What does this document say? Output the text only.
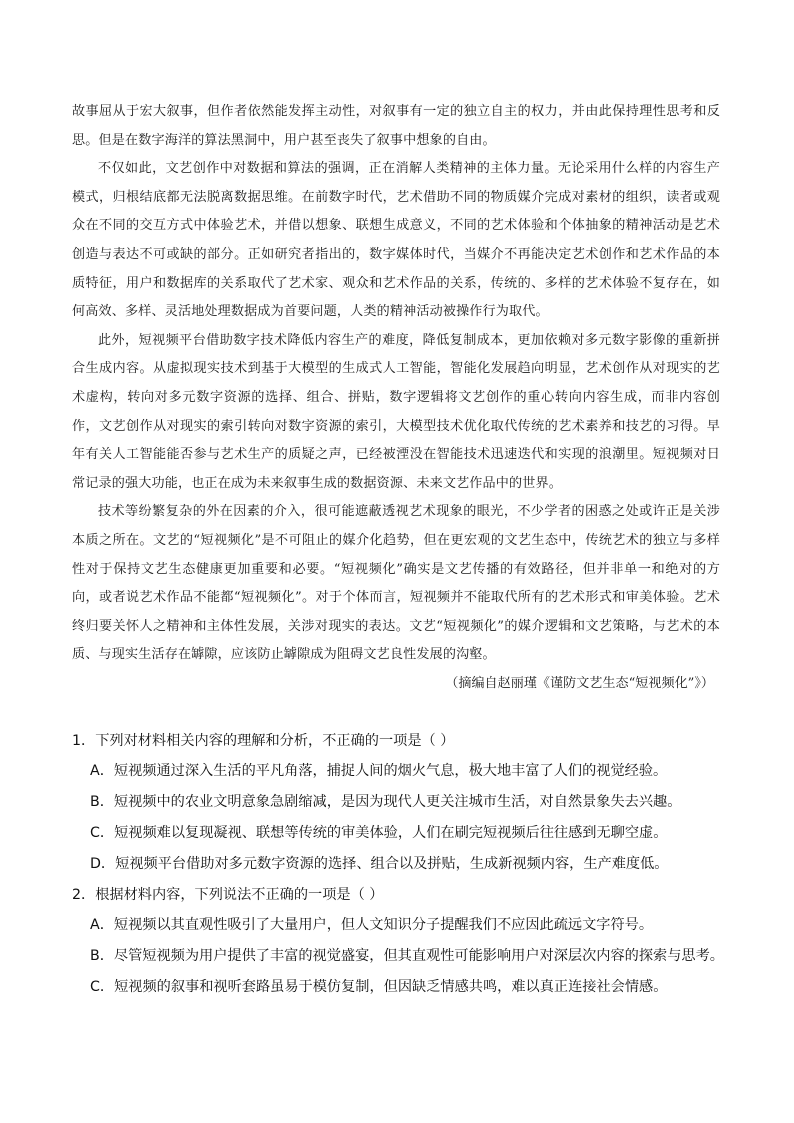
故事屈从于宏大叙事，但作者依然能发挥主动性，对叙事有一定的独立自主的权力，并由此保持理性思考和反思。但是在数字海洋的算法黑洞中，用户甚至丧失了叙事中想象的自由。

不仅如此，文艺创作中对数据和算法的强调，正在消解人类精神的主体力量。无论采用什么样的内容生产模式，归根结底都无法脱离数据思维。在前数字时代，艺术借助不同的物质媒介完成对素材的组织，读者或观众在不同的交互方式中体验艺术，并借以想象、联想生成意义，不同的艺术体验和个体抽象的精神活动是艺术创造与表达不可或缺的部分。正如研究者指出的，数字媒体时代，当媒介不再能决定艺术创作和艺术作品的本质特征，用户和数据库的关系取代了艺术家、观众和艺术作品的关系，传统的、多样的艺术体验不复存在，如何高效、多样、灵活地处理数据成为首要问题，人类的精神活动被操作行为取代。

此外，短视频平台借助数字技术降低内容生产的难度，降低复制成本，更加依赖对多元数字影像的重新拼合生成内容。从虚拟现实技术到基于大模型的生成式人工智能，智能化发展趋向明显，艺术创作从对现实的艺术虚构，转向对多元数字资源的选择、组合、拼贴，数字逻辑将文艺创作的重心转向内容生成，而非内容创作，文艺创作从对现实的索引转向对数字资源的索引，大模型技术优化取代传统的艺术素养和技艺的习得。早年有关人工智能能否参与艺术生产的质疑之声，已经被湮没在智能技术迅速迭代和实现的浪潮里。短视频对日常记录的强大功能，也正在成为未来叙事生成的数据资源、未来文艺作品中的世界。

技术等纷繁复杂的外在因素的介入，很可能遮蔽透视艺术现象的眼光，不少学者的困惑之处或许正是关涉本质之所在。文艺的“短视频化”是不可阻止的媒介化趋势，但在更宏观的文艺生态中，传统艺术的独立与多样性对于保持文艺生态健康更加重要和必要。“短视频化”确实是文艺传播的有效路径，但并非单一和绝对的方向，或者说艺术作品不能都“短视频化”。对于个体而言，短视频并不能取代所有的艺术形式和审美体验。艺术终归要关怀人之精神和主体性发展，关涉对现实的表达。文艺“短视频化”的媒介逻辑和文艺策略，与艺术的本质、与现实生活存在罅隙，应该防止罅隙成为阻碍文艺良性发展的沟壑。

（摘编自赵丽瑾《谨防文艺生态“短视频化”》）

1．下列对材料相关内容的理解和分析，不正确的一项是（ ）

A．短视频通过深入生活的平凡角落，捕捉人间的烟火气息，极大地丰富了人们的视觉经验。

B．短视频中的农业文明意象急剧缩减，是因为现代人更关注城市生活，对自然景象失去兴趣。

C．短视频难以复现凝视、联想等传统的审美体验，人们在刷完短视频后往往感到无聊空虚。

D．短视频平台借助对多元数字资源的选择、组合以及拼贴，生成新视频内容，生产难度低。

2．根据材料内容，下列说法不正确的一项是（ ）

A．短视频以其直观性吸引了大量用户，但人文知识分子提醒我们不应因此疏远文字符号。

B．尽管短视频为用户提供了丰富的视觉盛宴，但其直观性可能影响用户对深层次内容的探索与思考。

C．短视频的叙事和视听套路虽易于模仿复制，但因缺乏情感共鸣，难以真正连接社会情感。
